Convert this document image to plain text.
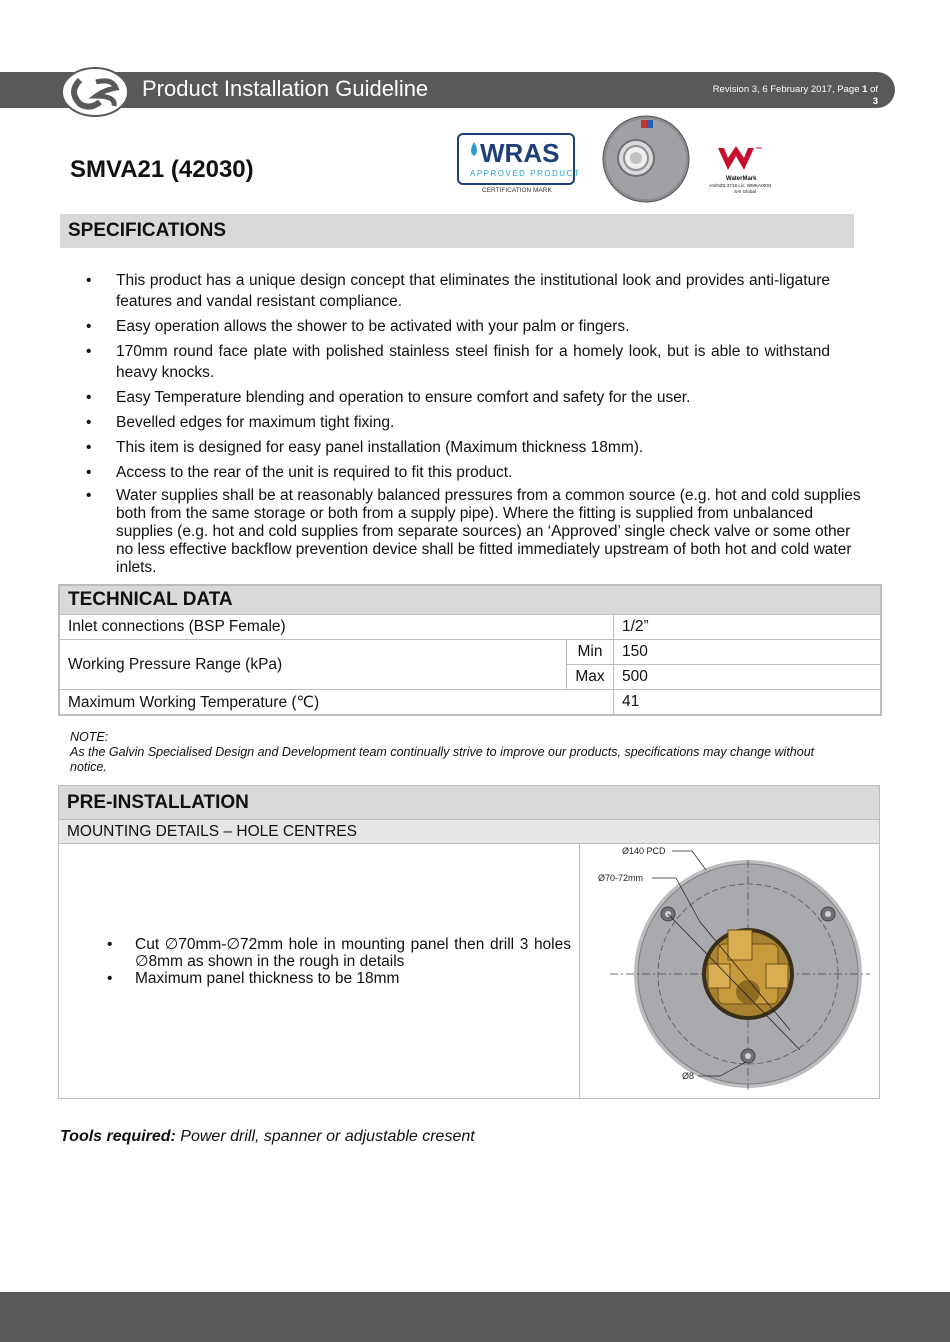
Product Installation Guideline	Revision 3, 6 February 2017, Page 1 of
3
SMVA21 (42030)
WRAS
APPROVED PRODUCT
CERTIFICATION MARK
WaterMark
AS/NZS 3718 Lic. WMKA0034
SAI Global
SPECIFICATIONS
• This product has a unique design concept that eliminates the institutional look and provides anti-ligature features and vandal resistant compliance.
• Easy operation allows the shower to be activated with your palm or fingers.
• 170mm round face plate with polished stainless steel finish for a homely look, but is able to withstand heavy knocks.
• Easy Temperature blending and operation to ensure comfort and safety for the user.
• Bevelled edges for maximum tight fixing.
• This item is designed for easy panel installation (Maximum thickness 18mm).
• Access to the rear of the unit is required to fit this product.
• Water supplies shall be at reasonably balanced pressures from a common source (e.g. hot and cold supplies both from the same storage or both from a supply pipe). Where the fitting is supplied from unbalanced supplies (e.g. hot and cold supplies from separate sources) an ‘Approved’ single check valve or some other no less effective backflow prevention device shall be fitted immediately upstream of both hot and cold water inlets.
TECHNICAL DATA		
Inlet connections (BSP Female)		1/2”
Working Pressure Range (kPa)	Min	150
	Max	500
Maximum Working Temperature (℃)		41
NOTE:
As the Galvin Specialised Design and Development team continually strive to improve our products, specifications may change without notice.
PRE-INSTALLATION
MOUNTING DETAILS – HOLE CENTRES
• Cut ∅70mm-∅72mm hole in mounting panel then drill 3 holes ∅8mm as shown in the rough in details
• Maximum panel thickness to be 18mm
Ø140 PCD
Ø70-72mm
Ø8
Tools required: Power drill, spanner or adjustable cresent
